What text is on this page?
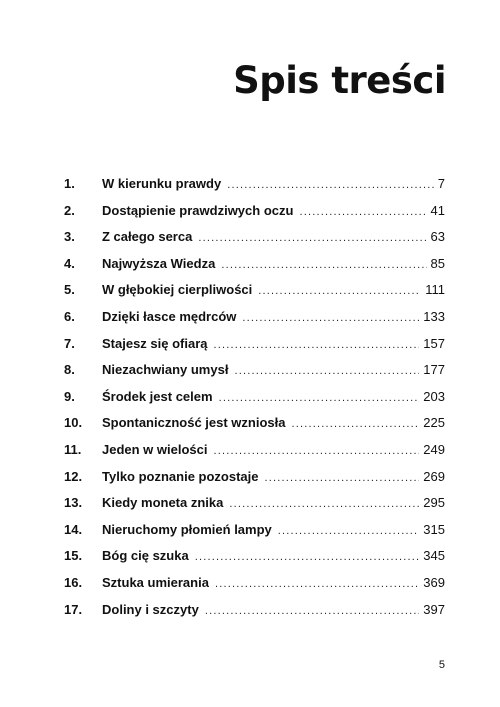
Spis treści
1.	W kierunku prawdy .....	7
2.	Dostąpienie prawdziwych oczu .....	41
3.	Z całego serca .....	63
4.	Najwyższa Wiedza .....	85
5.	W głębokiej cierpliwości .....	111
6.	Dzięki łasce mędrców .....	133
7.	Stajesz się ofiarą .....	157
8.	Niezachwiany umysł .....	177
9.	Środek jest celem .....	203
10.	Spontaniczność jest wzniosła .....	225
11.	Jeden w wielości .....	249
12.	Tylko poznanie pozostaje .....	269
13.	Kiedy moneta znika .....	295
14.	Nieruchomy płomień lampy .....	315
15.	Bóg cię szuka .....	345
16.	Sztuka umierania .....	369
17.	Doliny i szczyty .....	397
5
